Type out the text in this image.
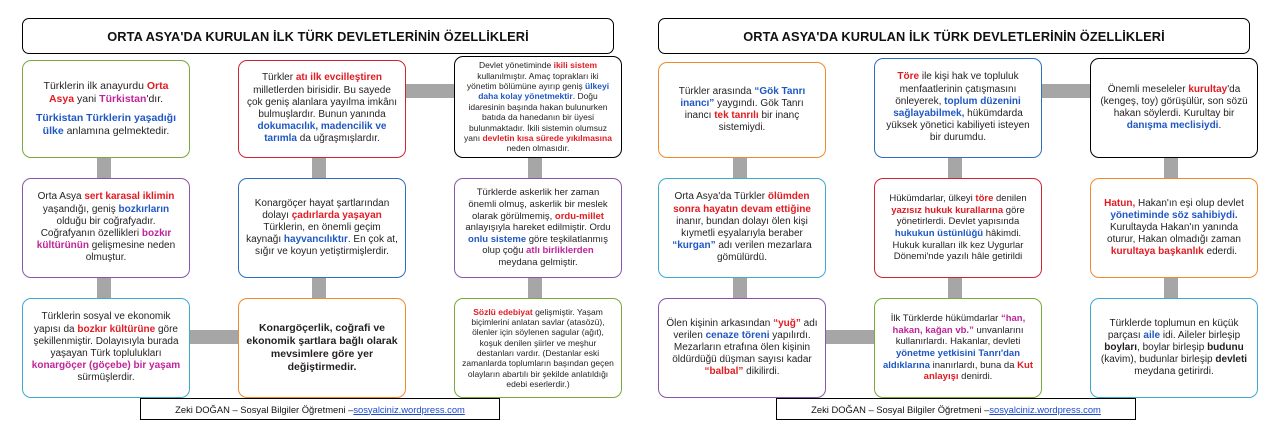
ORTA ASYA'DA KURULAN İLK TÜRK DEVLETLERİNİN ÖZELLİKLERİ

Türklerin ilk anayurdu Orta Asya yani Türkistan'dır.

Türkistan Türklerin yaşadığı ülke anlamına gelmektedir.

Orta Asya sert karasal iklimin yaşandığı, geniş bozkırların olduğu bir coğrafyadır. Coğrafyanın özellikleri bozkır kültürünün gelişmesine neden olmuştur.

Türklerin sosyal ve ekonomik yapısı da bozkır kültürüne göre şekillenmiştir. Dolayısıyla burada yaşayan Türk toplulukları konargöçer (göçebe) bir yaşam sürmüşlerdir.

Türkler atı ilk evcilleştiren milletlerden birisidir. Bu sayede çok geniş alanlara yayılma imkânı bulmuşlardır. Bunun yanında dokumacılık, madencilik ve tarımla da uğraşmışlardır.

Konargöçer hayat şartlarından dolayı çadırlarda yaşayan Türklerin, en önemli geçim kaynağı hayvancılıktır. En çok at, sığır ve koyun yetiştirmişlerdir.

Konargöçerlik, coğrafi ve ekonomik şartlara bağlı olarak mevsimlere göre yer değiştirmedir.

Devlet yönetiminde ikili sistem kullanılmıştır. Amaç toprakları iki yönetim bölümüne ayırıp geniş ülkeyi daha kolay yönetmektir. Doğu idaresinin başında hakan bulunurken batıda da hanedanın bir üyesi bulunmaktadır. İkili sistemin olumsuz yanı devletin kısa sürede yıkılmasına neden olmasıdır.

Türklerde askerlik her zaman önemli olmuş, askerlik bir meslek olarak görülmemiş, ordu-millet anlayışıyla hareket edilmiştir. Ordu onlu sisteme göre teşkilatlanmış olup çoğu atlı birliklerden meydana gelmiştir.

Sözlü edebiyat gelişmiştir. Yaşam biçimlerini anlatan savlar (atasözü), ölenler için söylenen sagular (ağıt), koşuk denilen şiirler ve meşhur destanları vardır. (Destanlar eski zamanlarda toplumların başından geçen olayların abartılı bir şekilde anlatıldığı edebi eserlerdir.)

Zeki DOĞAN – Sosyal Bilgiler Öğretmeni – sosyalciniz.wordpress.com
ORTA ASYA'DA KURULAN İLK TÜRK DEVLETLERİNİN ÖZELLİKLERİ

Türkler arasında “Gök Tanrı inancı” yaygındı. Gök Tanrı inancı tek tanrılı bir inanç sistemiydi.

Orta Asya'da Türkler ölümden sonra hayatın devam ettiğine inanır, bundan dolayı ölen kişi kıymetli eşyalarıyla beraber “kurgan” adı verilen mezarlara gömülürdü.

Ölen kişinin arkasından “yuğ” adı verilen cenaze töreni yapılırdı. Mezarların etrafına ölen kişinin öldürdüğü düşman sayısı kadar “balbal” dikilirdi.

Töre ile kişi hak ve topluluk menfaatlerinin çatışmasını önleyerek, toplum düzenini sağlayabilmek, hükümdarda yüksek yönetici kabiliyeti isteyen bir durumdu.

Hükümdarlar, ülkeyi töre denilen yazısız hukuk kurallarına göre yönetirlerdi. Devlet yapısında hukukun üstünlüğü hâkimdi. Hukuk kuralları ilk kez Uygurlar Dönemi'nde yazılı hâle getirildi

İlk Türklerde hükümdarlar “han, hakan, kağan vb.” unvanlarını kullanırlardı. Hakanlar, devleti yönetme yetkisini Tanrı'dan aldıklarına inanırlardı, buna da Kut anlayışı denirdi.

Önemli meseleler kurultay'da (kengeş, toy) görüşülür, son sözü hakan söylerdi. Kurultay bir danışma meclisiydi.

Hatun, Hakan'ın eşi olup devlet yönetiminde söz sahibiydi. Kurultayda Hakan'ın yanında oturur, Hakan olmadığı zaman kurultaya başkanlık ederdi.

Türklerde toplumun en küçük parçası aile idi. Aileler birleşip boyları, boylar birleşip budunu (kavim), budunlar birleşip devleti meydana getirirdi.

Zeki DOĞAN – Sosyal Bilgiler Öğretmeni – sosyalciniz.wordpress.com
